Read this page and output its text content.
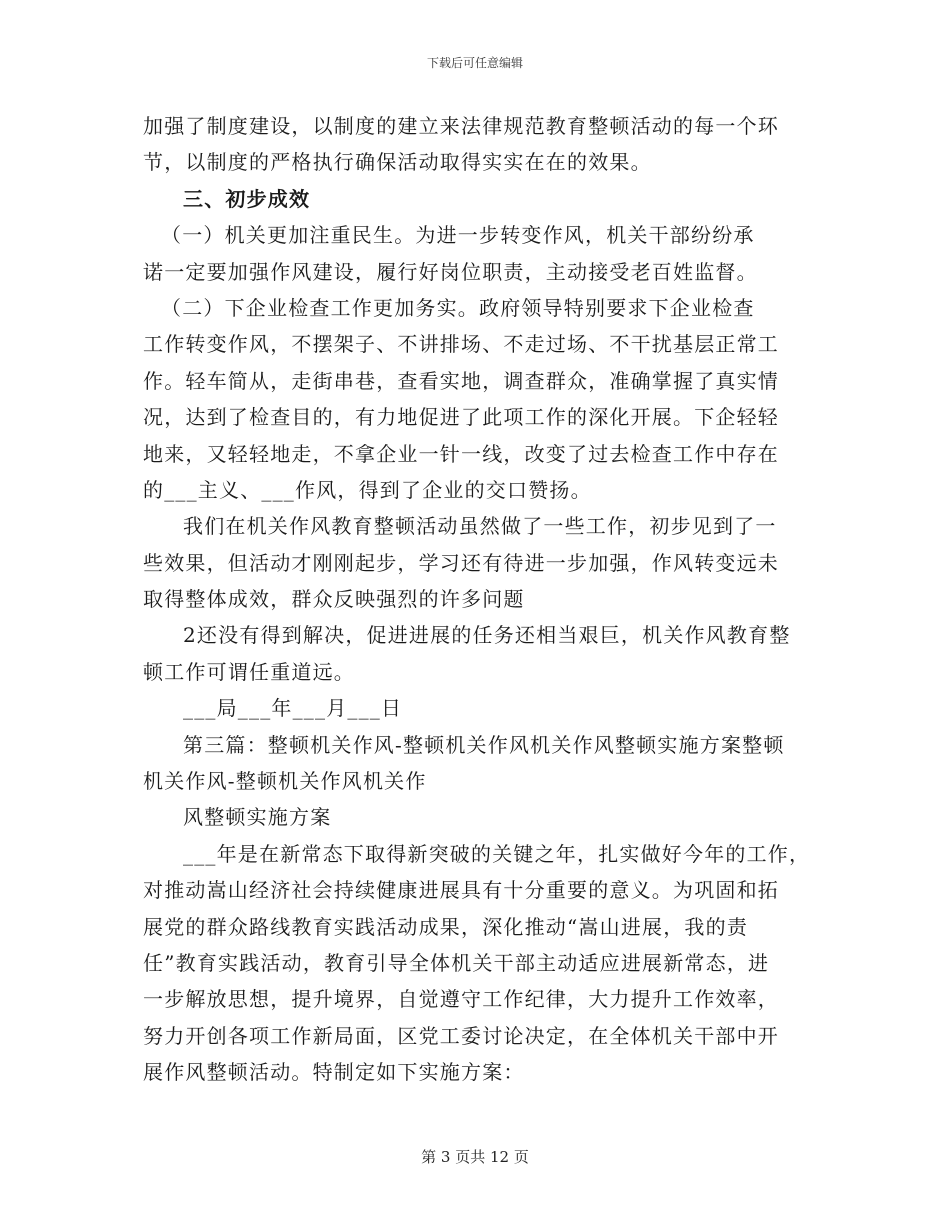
下载后可任意编辑
加强了制度建设，以制度的建立来法律规范教育整顿活动的每一个环
节，以制度的严格执行确保活动取得实实在在的效果。
三、初步成效
（一）机关更加注重民生。为进一步转变作风，机关干部纷纷承
诺一定要加强作风建设，履行好岗位职责，主动接受老百姓监督。
（二）下企业检查工作更加务实。政府领导特别要求下企业检查
工作转变作风，不摆架子、不讲排场、不走过场、不干扰基层正常工
作。轻车简从，走街串巷，查看实地，调查群众，准确掌握了真实情
况，达到了检查目的，有力地促进了此项工作的深化开展。下企轻轻
地来，又轻轻地走，不拿企业一针一线，改变了过去检查工作中存在
的___主义、___作风，得到了企业的交口赞扬。
我们在机关作风教育整顿活动虽然做了一些工作，初步见到了一
些效果，但活动才刚刚起步，学习还有待进一步加强，作风转变远未
取得整体成效，群众反映强烈的许多问题
2还没有得到解决，促进进展的任务还相当艰巨，机关作风教育整
顿工作可谓任重道远。
___局___年___月___日
第三篇：整顿机关作风-整顿机关作风机关作风整顿实施方案整顿
机关作风-整顿机关作风机关作
风整顿实施方案
___年是在新常态下取得新突破的关键之年，扎实做好今年的工作，
对推动嵩山经济社会持续健康进展具有十分重要的意义。为巩固和拓
展党的群众路线教育实践活动成果，深化推动“嵩山进展，我的责
任”教育实践活动，教育引导全体机关干部主动适应进展新常态，进
一步解放思想，提升境界，自觉遵守工作纪律，大力提升工作效率，
努力开创各项工作新局面，区党工委讨论决定，在全体机关干部中开
展作风整顿活动。特制定如下实施方案：
第 3 页共 12 页
